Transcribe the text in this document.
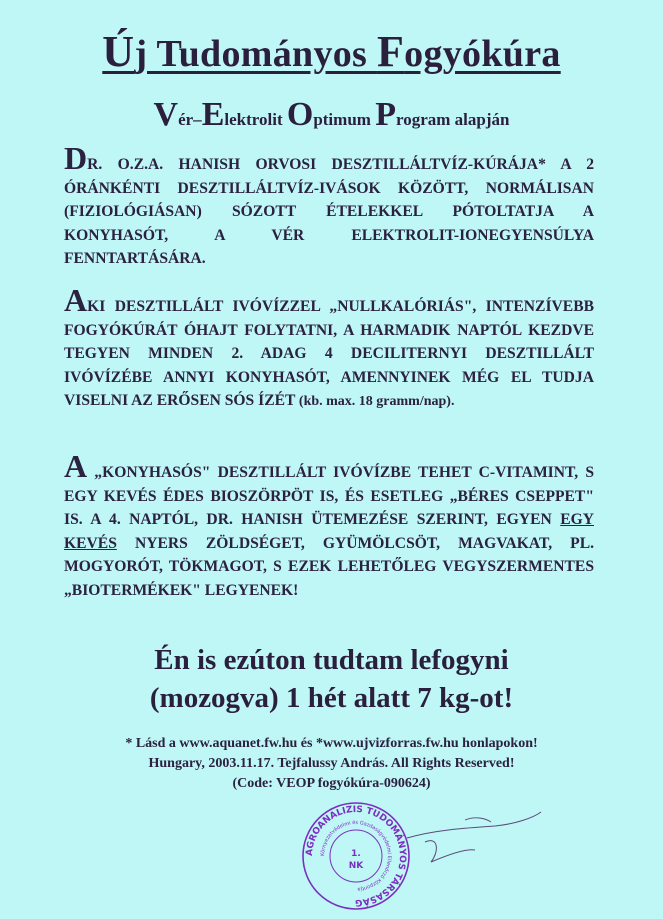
Új Tudományos Fogyókúra
Vér–Elektrolit Optimum Program alapján
DR. O.Z.A. HANISH ORVOSI DESZTILLÁLTVÍZ-KÚRÁJA* A 2 ÓRÁNKÉNTI DESZTILLÁLTVÍZ-IVÁSOK KÖZÖTT, NORMÁLISAN (FIZIOLÓGIÁSAN) SÓZOTT ÉTELEKKEL PÓTOLTATJA A KONYHASÓT, A VÉR ELEKTROLIT-IONEGYENSÚLYA FENNTARTÁSÁRA.
AKI DESZTILLÁLT IVÓVÍZZEL „NULLKALÓRIÁS", INTENZÍVEBB FOGYÓKÚRÁT ÓHAJT FOLYTATNI, A HARMADIK NAPTÓL KEZDVE TEGYEN MINDEN 2. ADAG 4 DECILITERNYI DESZTILLÁLT IVÓVÍZÉBE ANNYI KONYHASÓT, AMENNYINEK MÉG EL TUDJA VISELNI AZ ERŐSEN SÓS ÍZÉT (kb. max. 18 gramm/nap).
A „KONYHASÓS" DESZTILLÁLT IVÓVÍZBE TEHET C-VITAMINT, S EGY KEVÉS ÉDES BIOSZÖRPÖT IS, ÉS ESETLEG „BÉRES CSEPPET" IS. A 4. NAPTÓL, DR. HANISH ÜTEMEZÉSE SZERINT, EGYEN EGY KEVÉS NYERS ZÖLDSÉGET, GYÜMÖLCSÖT, MAGVAKAT, PL. MOGYORÓT, TÖKMAGOT, S EZEK LEHETŐLEG VEGYSZERMENTES „BIOTERMÉKEK" LEGYENEK!
Én is ezúton tudtam lefogyni
(mozogva) 1 hét alatt 7 kg-ot!
* Lásd a www.aquanet.fw.hu és *www.ujvizforras.fw.hu honlapokon!
Hungary, 2003.11.17. Tejfalussy András. All Rights Reserved!
(Code: VEOP fogyókúra-090624)
AGROANALIZIS TUDOMÁNYOS TÁRSASÁG
Környezetvédelmi és Gazdaságvédelmi Ellenőrző Központja
1.
NK
